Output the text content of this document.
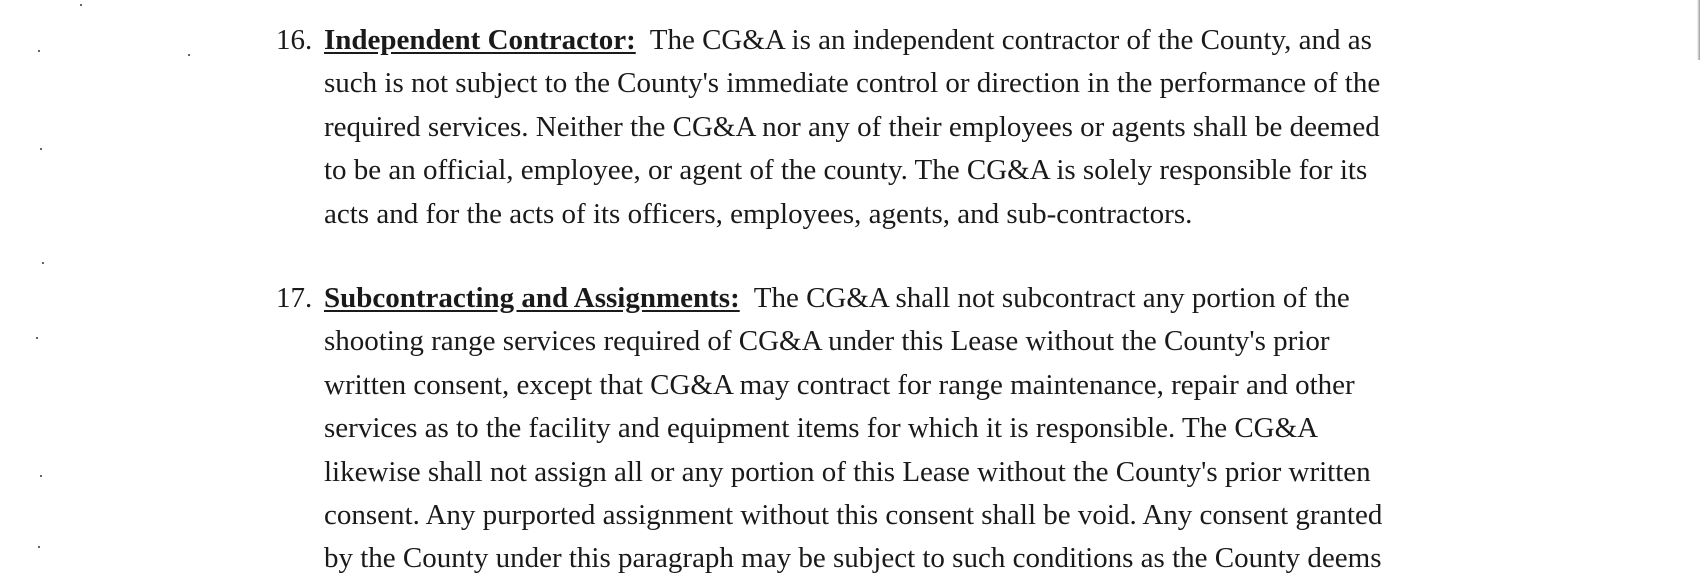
16. Independent Contractor: The CG&A is an independent contractor of the County, and as
such is not subject to the County's immediate control or direction in the performance of the
required services. Neither the CG&A nor any of their employees or agents shall be deemed
to be an official, employee, or agent of the county. The CG&A is solely responsible for its
acts and for the acts of its officers, employees, agents, and sub-contractors.
17. Subcontracting and Assignments: The CG&A shall not subcontract any portion of the
shooting range services required of CG&A under this Lease without the County's prior
written consent, except that CG&A may contract for range maintenance, repair and other
services as to the facility and equipment items for which it is responsible. The CG&A
likewise shall not assign all or any portion of this Lease without the County's prior written
consent. Any purported assignment without this consent shall be void. Any consent granted
by the County under this paragraph may be subject to such conditions as the County deems
